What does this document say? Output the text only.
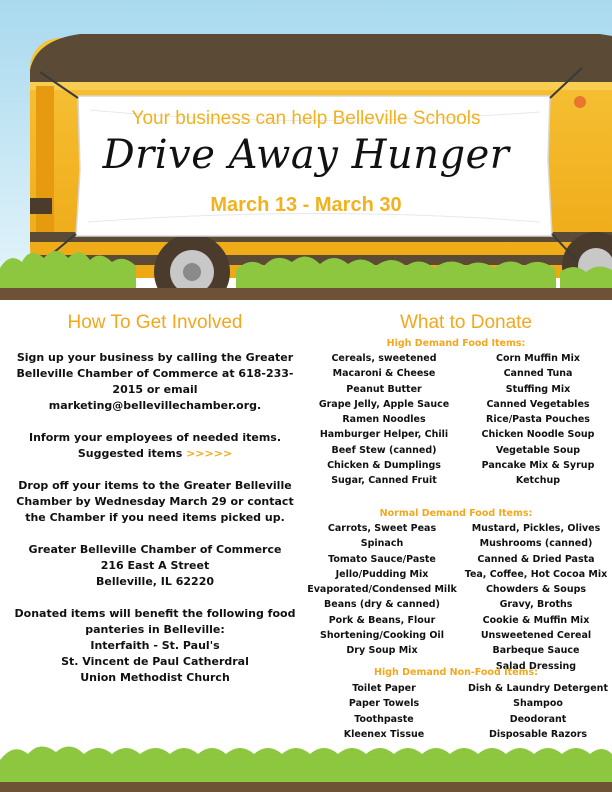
Your business can help Belleville Schools
Drive Away Hunger
March 13 - March 30
How To Get Involved

Sign up your business by calling the Greater Belleville Chamber of Commerce at 618-233-2015 or email marketing@bellevillechamber.org.

Inform your employees of needed items.
Suggested items >>>>>

Drop off your items to the Greater Belleville Chamber by Wednesday March 29 or contact the Chamber if you need items picked up.

Greater Belleville Chamber of Commerce
216 East A Street
Belleville, IL 62220

Donated items will benefit the following food panteries in Belleville:

Interfaith - St. Paul's

St. Vincent de Paul Catherdral

Union Methodist Church

What to Donate
High Demand Food Items:
Cereals, sweetened	Corn Muffin Mix
Macaroni & Cheese	Canned Tuna
Peanut Butter	Stuffing Mix
Grape Jelly, Apple Sauce	Canned Vegetables
Ramen Noodles	Rice/Pasta Pouches
Hamburger Helper, Chili	Chicken Noodle Soup
Beef Stew (canned)	Vegetable Soup
Chicken & Dumplings	Pancake Mix & Syrup
Sugar, Canned Fruit	Ketchup
Normal Demand Food Items:
Carrots, Sweet Peas	Mustard, Pickles, Olives
Spinach	Mushrooms (canned)
Tomato Sauce/Paste	Canned & Dried Pasta
Jello/Pudding Mix	Tea, Coffee, Hot Cocoa Mix
Evaporated/Condensed Milk	Chowders & Soups
Beans (dry & canned)	Gravy, Broths
Pork & Beans, Flour	Cookie & Muffin Mix
Shortening/Cooking Oil	Unsweetened Cereal
Dry Soup Mix	Barbeque Sauce
Salad Dressing
High Demand Non-Food Items:
Toilet Paper	Dish & Laundry Detergent
Paper Towels	Shampoo
Toothpaste	Deodorant
Kleenex Tissue	Disposable Razors
